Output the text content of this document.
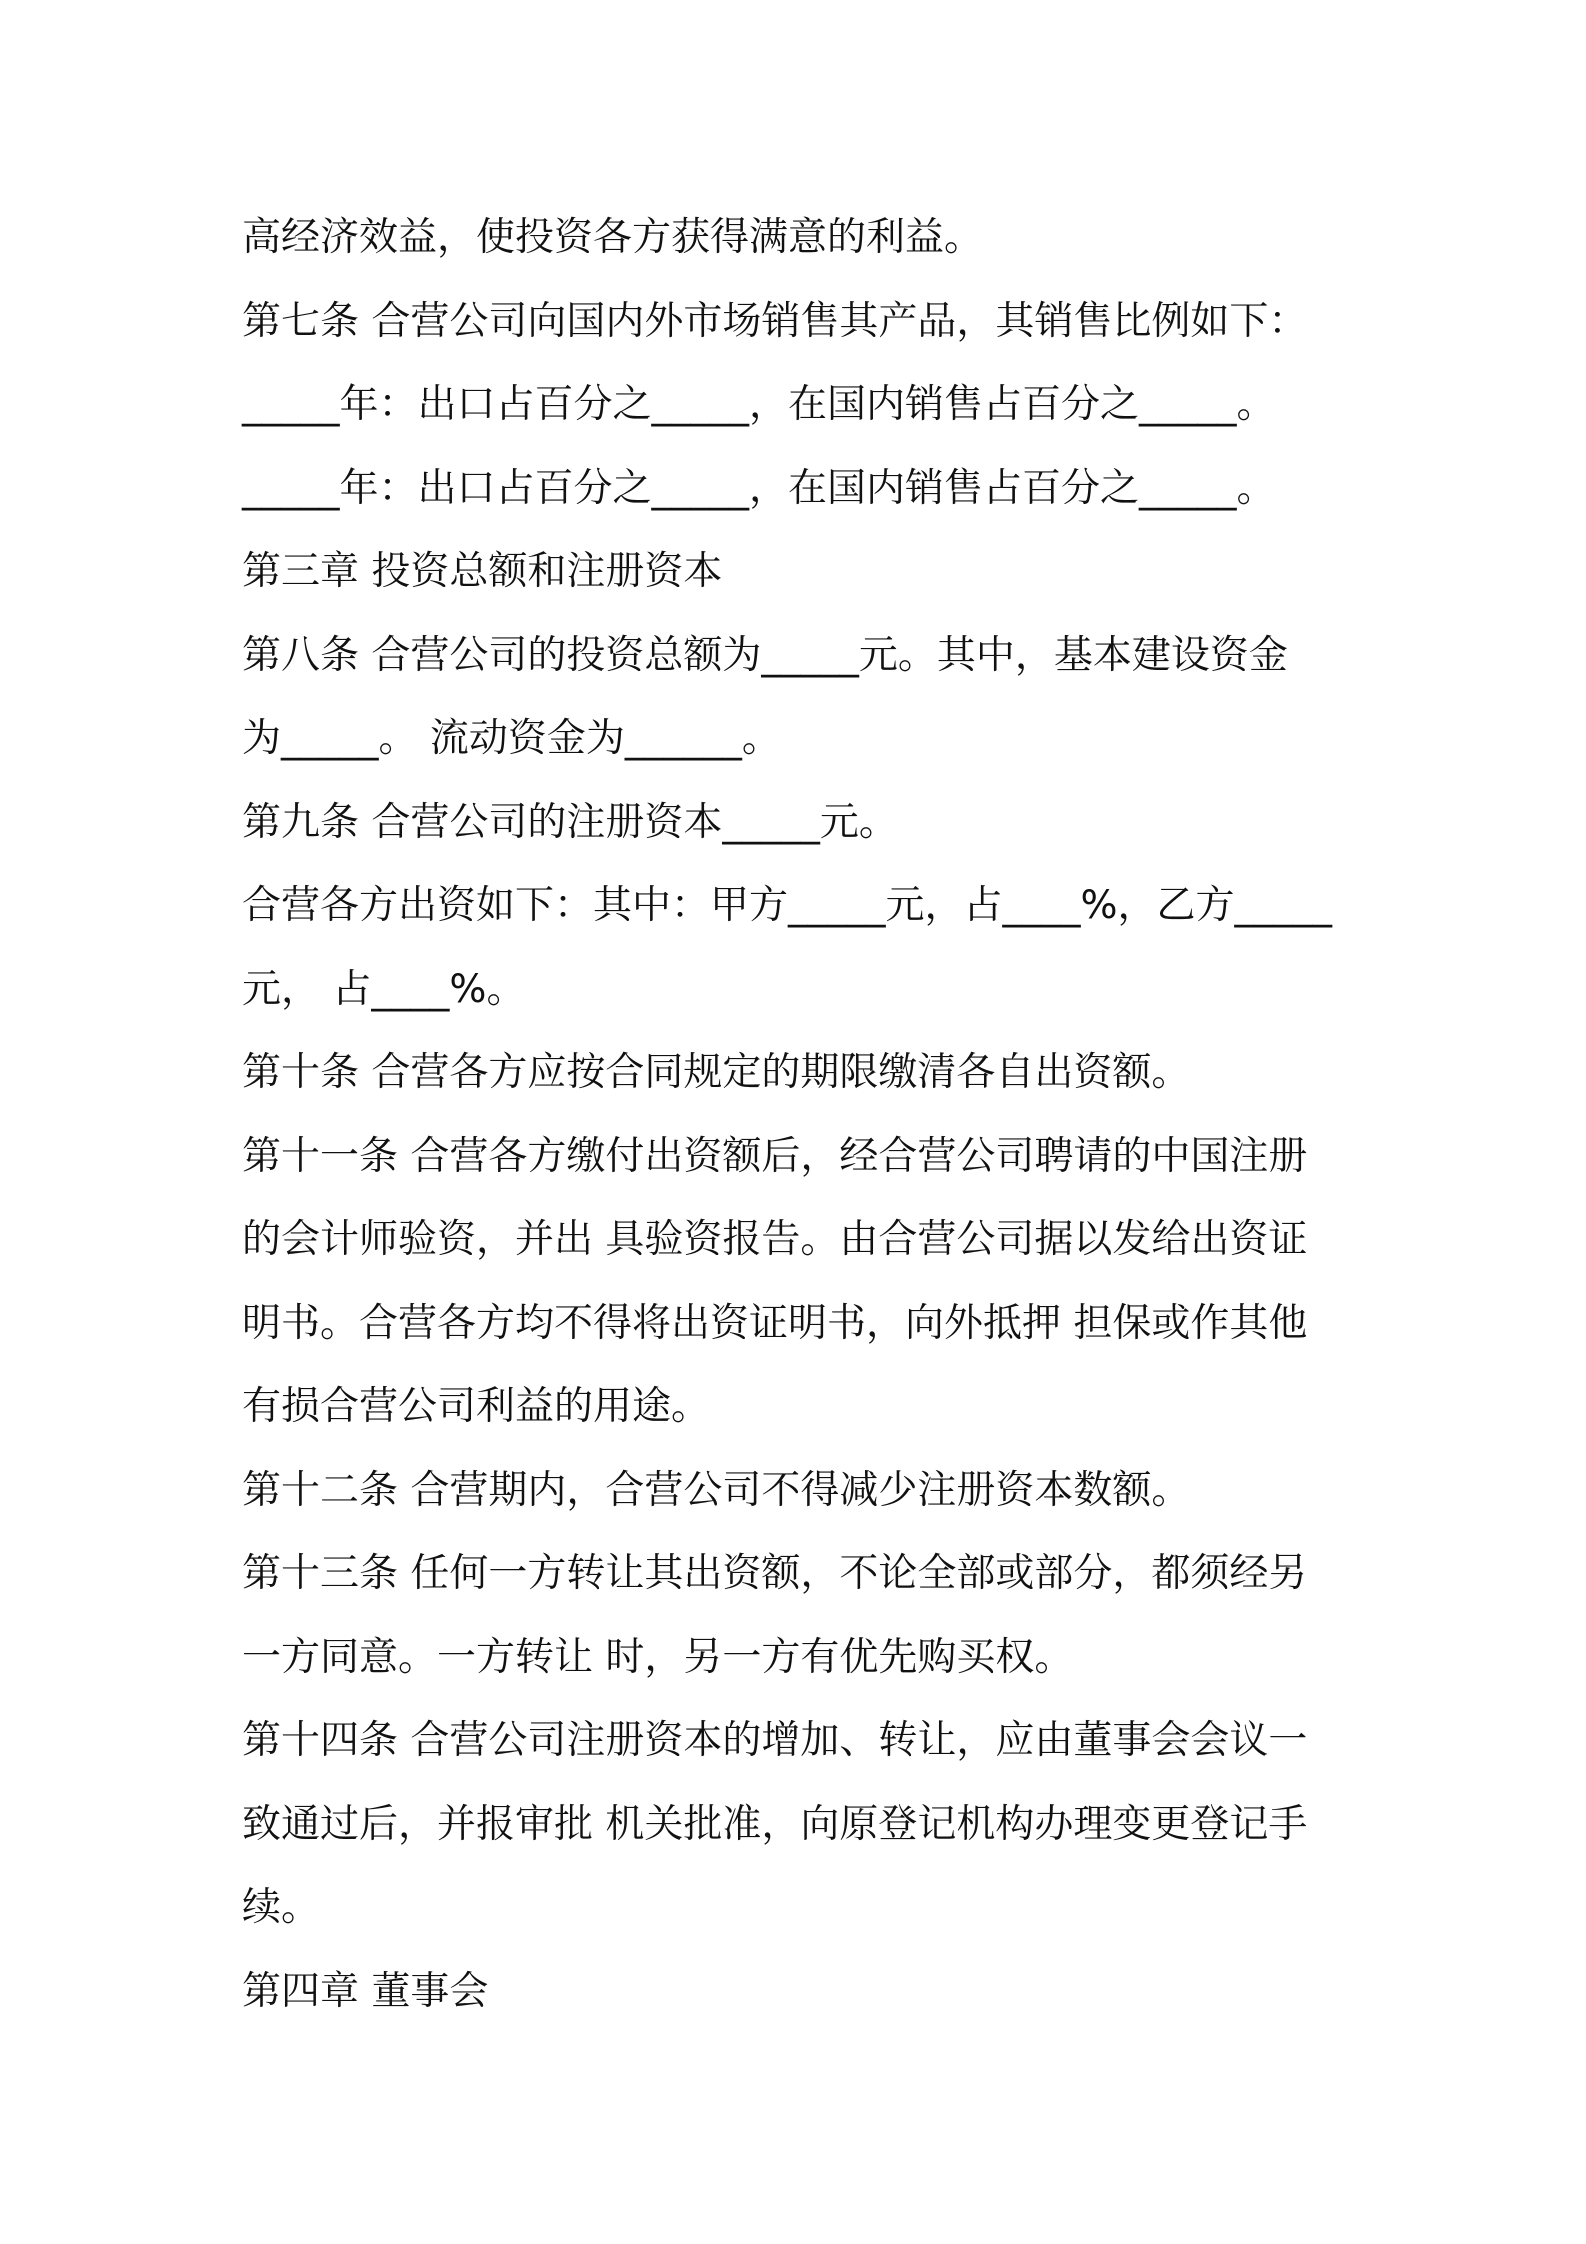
高经济效益，使投资各方获得满意的利益。
第七条 合营公司向国内外市场销售其产品，其销售比例如下：
_____年：出口占百分之_____，在国内销售占百分之_____。
_____年：出口占百分之_____，在国内销售占百分之_____。
第三章 投资总额和注册资本
第八条 合营公司的投资总额为_____元。其中，基本建设资金
为_____。 流动资金为______。
第九条 合营公司的注册资本_____元。
合营各方出资如下：其中：甲方_____元，占____%，乙方_____
元， 占____%。
第十条 合营各方应按合同规定的期限缴清各自出资额。
第十一条 合营各方缴付出资额后，经合营公司聘请的中国注册
的会计师验资，并出 具验资报告。由合营公司据以发给出资证
明书。合营各方均不得将出资证明书，向外抵押 担保或作其他
有损合营公司利益的用途。
第十二条 合营期内，合营公司不得减少注册资本数额。
第十三条 任何一方转让其出资额，不论全部或部分，都须经另
一方同意。一方转让 时，另一方有优先购买权。
第十四条 合营公司注册资本的增加、转让，应由董事会会议一
致通过后，并报审批 机关批准，向原登记机构办理变更登记手
续。
第四章 董事会
